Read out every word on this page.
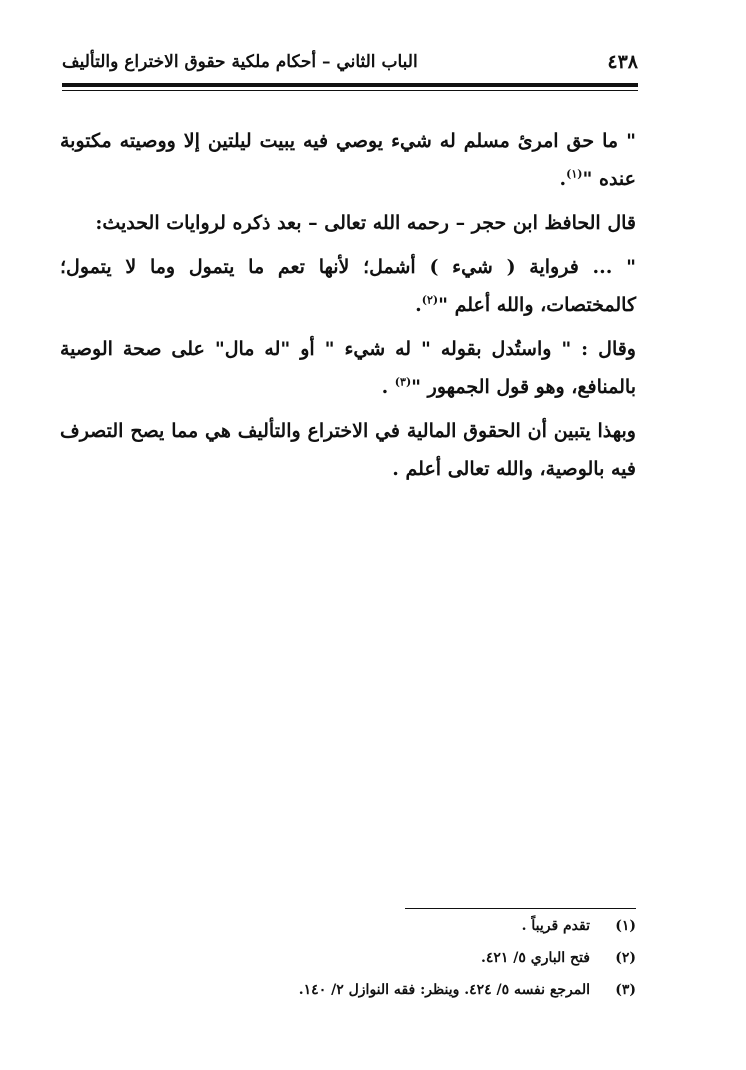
٤٣٨
الباب الثاني – أحكام ملكية حقوق الاختراع والتأليف

" ما حق امرئ مسلم له شيء يوصي فيه يبيت ليلتين إلا ووصيته مكتوبة عنده "$^{(١)}$.

قال الحافظ ابن حجر – رحمه الله تعالى – بعد ذكره لروايات الحديث:

" ... فرواية ( شيء ) أشمل؛ لأنها تعم ما يتمول وما لا يتمول؛ كالمختصات، والله أعلم "$^{(٢)}$.

وقال : " واستُدل بقوله " له شيء " أو "له مال" على صحة الوصية بالمنافع، وهو قول الجمهور "$^{(٣)}$ .

وبهذا يتبين أن الحقوق المالية في الاختراع والتأليف هي مما يصح التصرف فيه بالوصية، والله تعالى أعلم .

(١)
تقدم قريباً .
(٢)
فتح الباري ٥/ ٤٢١.
(٣)
المرجع نفسه ٥/ ٤٢٤. وينظر: فقه النوازل ٢/ ١٤٠.
